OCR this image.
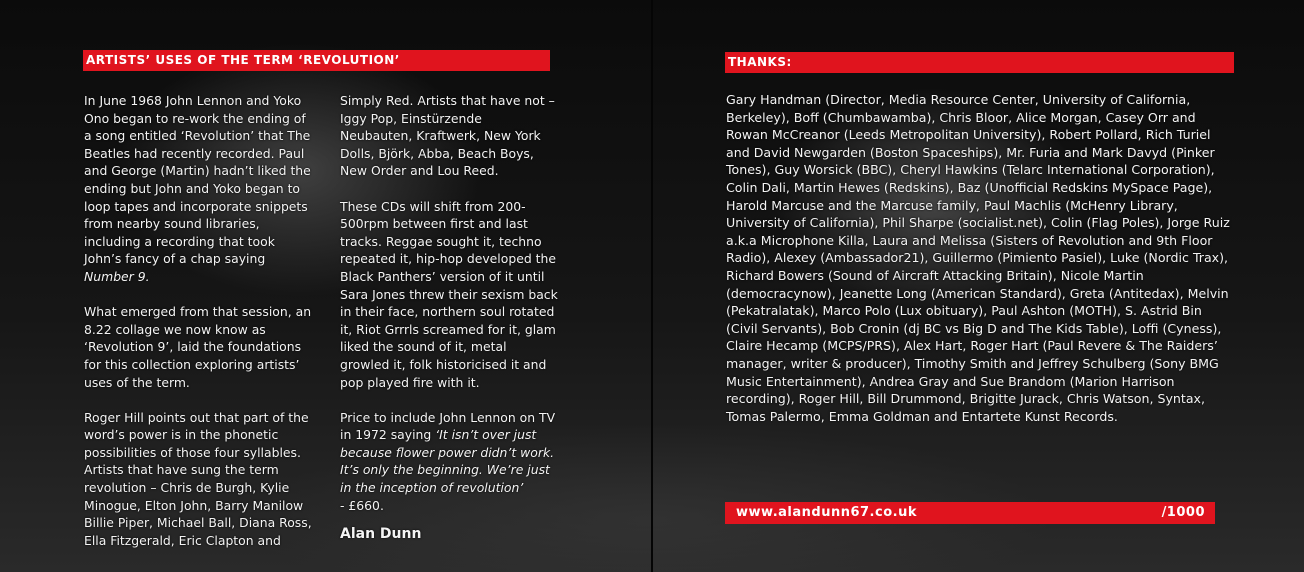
ARTISTS’ USES OF THE TERM ‘REVOLUTION’

In June 1968 John Lennon and Yoko Ono began to re-work the ending of a song entitled ‘Revolution’ that The Beatles had recently recorded. Paul and George (Martin) hadn’t liked the ending but John and Yoko began to loop tapes and incorporate snippets from nearby sound libraries, including a recording that took John’s fancy of a chap saying Number 9.

What emerged from that session, an 8.22 collage we now know as ‘Revolution 9’, laid the foundations for this collection exploring artists’ uses of the term.

Roger Hill points out that part of the word’s power is in the phonetic possibilities of those four syllables. Artists that have sung the term revolution – Chris de Burgh, Kylie Minogue, Elton John, Barry Manilow Billie Piper, Michael Ball, Diana Ross, Ella Fitzgerald, Eric Clapton and

Simply Red. Artists that have not – Iggy Pop, Einstürzende Neubauten, Kraftwerk, New York Dolls, Björk, Abba, Beach Boys, New Order and Lou Reed.

These CDs will shift from 200-500rpm between first and last tracks. Reggae sought it, techno repeated it, hip-hop developed the Black Panthers’ version of it until Sara Jones threw their sexism back in their face, northern soul rotated it, Riot Grrrls screamed for it, glam liked the sound of it, metal growled it, folk historicised it and pop played fire with it.

Price to include John Lennon on TV in 1972 saying ‘It isn’t over just because flower power didn’t work. It’s only the beginning. We’re just in the inception of revolution’
- £660.

Alan Dunn
THANKS:
Gary Handman (Director, Media Resource Center, University of California, Berkeley), Boff (Chumbawamba), Chris Bloor, Alice Morgan, Casey Orr and Rowan McCreanor (Leeds Metropolitan University), Robert Pollard, Rich Turiel and David Newgarden (Boston Spaceships), Mr. Furia and Mark Davyd (Pinker Tones), Guy Worsick (BBC), Cheryl Hawkins (Telarc International Corporation), Colin Dali, Martin Hewes (Redskins), Baz (Unofficial Redskins MySpace Page), Harold Marcuse and the Marcuse family, Paul Machlis (McHenry Library, University of California), Phil Sharpe (socialist.net), Colin (Flag Poles), Jorge Ruiz a.k.a Microphone Killa, Laura and Melissa (Sisters of Revolution and 9th Floor Radio), Alexey (Ambassador21), Guillermo (Pimiento Pasiel), Luke (Nordic Trax), Richard Bowers (Sound of Aircraft Attacking Britain), Nicole Martin (democracynow), Jeanette Long (American Standard), Greta (Antitedax), Melvin (Pekatralatak), Marco Polo (Lux obituary), Paul Ashton (MOTH), S. Astrid Bin (Civil Servants), Bob Cronin (dj BC vs Big D and The Kids Table), Loffi (Cyness), Claire Hecamp (MCPS/PRS), Alex Hart, Roger Hart (Paul Revere & The Raiders’ manager, writer & producer), Timothy Smith and Jeffrey Schulberg (Sony BMG Music Entertainment), Andrea Gray and Sue Brandom (Marion Harrison recording), Roger Hill, Bill Drummond, Brigitte Jurack, Chris Watson, Syntax, Tomas Palermo, Emma Goldman and Entartete Kunst Records.
www.alandunn67.co.uk	/1000
